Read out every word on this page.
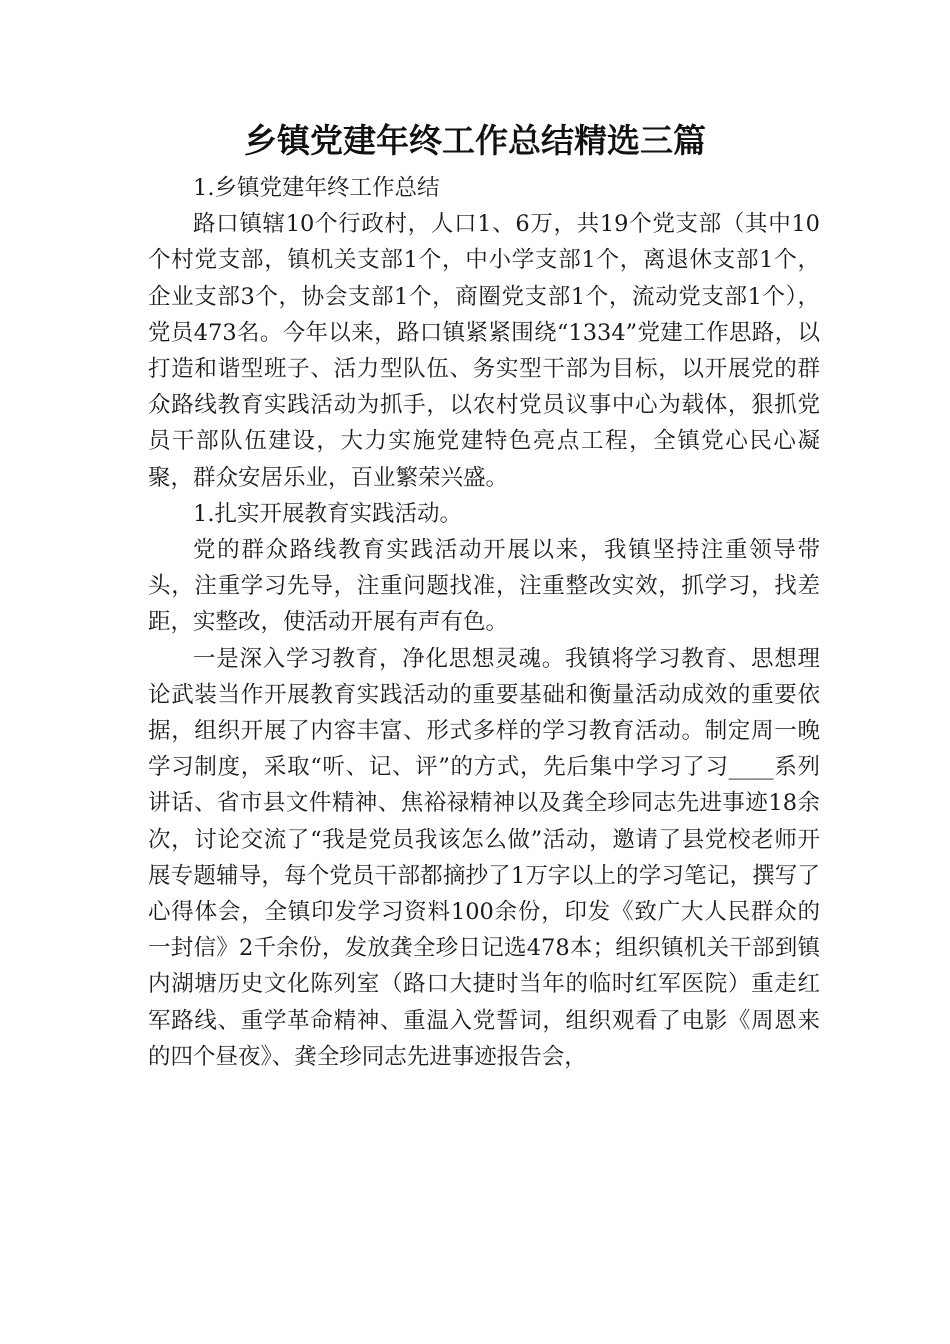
乡镇党建年终工作总结精选三篇

1.乡镇党建年终工作总结

路口镇辖10个行政村，人口1、6万，共19个党支部（其中10个村党支部，镇机关支部1个，中小学支部1个，离退休支部1个，企业支部3个，协会支部1个，商圈党支部1个，流动党支部1个），党员473名。今年以来，路口镇紧紧围绕“1334”党建工作思路，以打造和谐型班子、活力型队伍、务实型干部为目标，以开展党的群众路线教育实践活动为抓手，以农村党员议事中心为载体，狠抓党员干部队伍建设，大力实施党建特色亮点工程，全镇党心民心凝聚，群众安居乐业，百业繁荣兴盛。

1.扎实开展教育实践活动。

党的群众路线教育实践活动开展以来，我镇坚持注重领导带头，注重学习先导，注重问题找准，注重整改实效，抓学习，找差距，实整改，使活动开展有声有色。

一是深入学习教育，净化思想灵魂。我镇将学习教育、思想理论武装当作开展教育实践活动的重要基础和衡量活动成效的重要依据，组织开展了内容丰富、形式多样的学习教育活动。制定周一晚学习制度，采取“听、记、评”的方式，先后集中学习了习____系列讲话、省市县文件精神、焦裕禄精神以及龚全珍同志先进事迹18余次，讨论交流了“我是党员我该怎么做”活动，邀请了县党校老师开展专题辅导，每个党员干部都摘抄了1万字以上的学习笔记，撰写了心得体会，全镇印发学习资料100余份，印发《致广大人民群众的一封信》2千余份，发放龚全珍日记选478本；组织镇机关干部到镇内湖塘历史文化陈列室（路口大捷时当年的临时红军医院）重走红军路线、重学革命精神、重温入党誓词，组织观看了电影《周恩来的四个昼夜》、龚全珍同志先进事迹报告会，
